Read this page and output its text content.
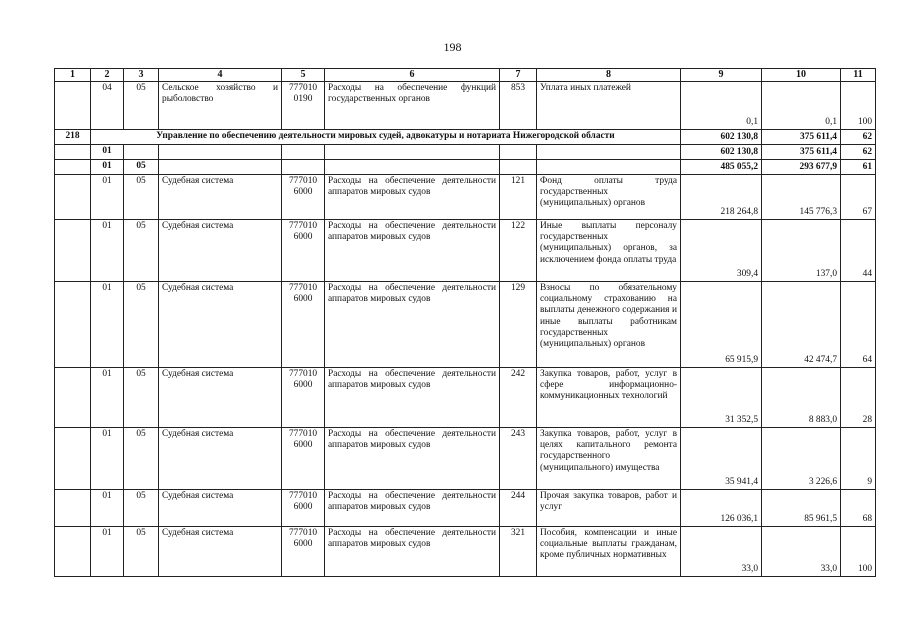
198
1	2	3	4	5	6	7	8	9	10	11
	04	05	Сельское хозяйство и рыболовство	777010 0190	Расходы на обеспечение функций государственных органов	853	Уплата иных платежей	0,1	0,1	100
218	Управление по обеспечению деятельности мировых судей, адвокатуры и нотариата Нижегородской области							602 130,8	375 611,4	62
	01							602 130,8	375 611,4	62
	01	05						485 055,2	293 677,9	61
	01	05	Судебная система	777010 6000	Расходы на обеспечение деятельности аппаратов мировых судов	121	Фонд оплаты труда государственных (муниципальных) органов	218 264,8	145 776,3	67
	01	05	Судебная система	777010 6000	Расходы на обеспечение деятельности аппаратов мировых судов	122	Иные выплаты персоналу государственных (муниципальных) органов, за исключением фонда оплаты труда	309,4	137,0	44
	01	05	Судебная система	777010 6000	Расходы на обеспечение деятельности аппаратов мировых судов	129	Взносы по обязательному социальному страхованию на выплаты денежного содержания и иные выплаты работникам государственных (муниципальных) органов	65 915,9	42 474,7	64
	01	05	Судебная система	777010 6000	Расходы на обеспечение деятельности аппаратов мировых судов	242	Закупка товаров, работ, услуг в сфере информационно-коммуникационных технологий	31 352,5	8 883,0	28
	01	05	Судебная система	777010 6000	Расходы на обеспечение деятельности аппаратов мировых судов	243	Закупка товаров, работ, услуг в целях капитального ремонта государственного (муниципального) имущества	35 941,4	3 226,6	9
	01	05	Судебная система	777010 6000	Расходы на обеспечение деятельности аппаратов мировых судов	244	Прочая закупка товаров, работ и услуг	126 036,1	85 961,5	68
	01	05	Судебная система	777010 6000	Расходы на обеспечение деятельности аппаратов мировых судов	321	Пособия, компенсации и иные социальные выплаты гражданам, кроме публичных нормативных	33,0	33,0	100
